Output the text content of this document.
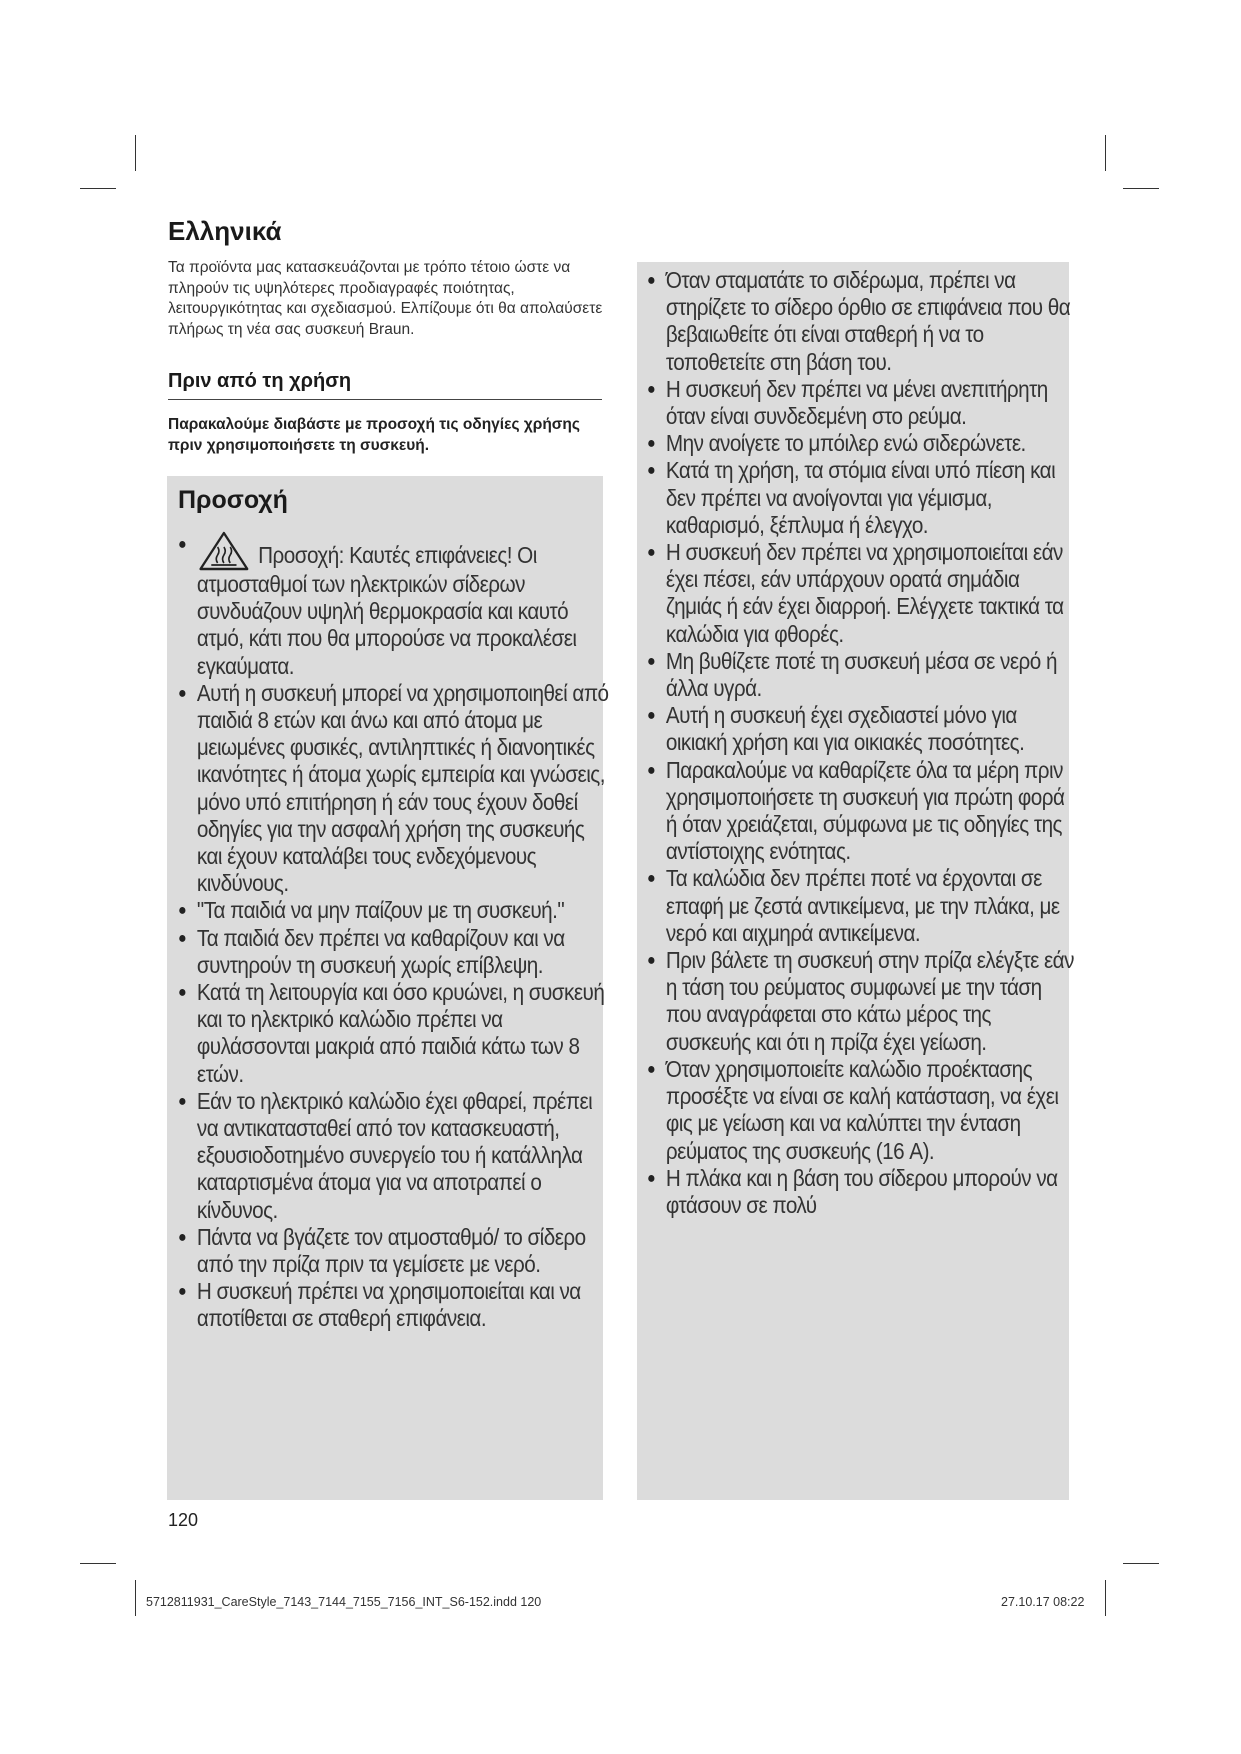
Ελληνικά

Τα προϊόντα μας κατασκευάζονται με τρόπο τέτοιο ώστε να πληρούν τις υψηλότερες προδιαγραφές ποιότητας, λειτουργικότητας και σχεδιασμού. Ελπίζουμε ότι θα απολαύσετε πλήρως τη νέα σας συσκευή Braun.

Πριν από τη χρήση

Παρακαλούμε διαβάστε με προσοχή τις οδηγίες χρήσης πριν χρησιμοποιήσετε τη συσκευή.

Προσοχή
● Προσοχή: Καυτές επιφάνειες! Οι ατμοσταθμοί των ηλεκτρικών σίδερων συνδυάζουν υψηλή θερμοκρασία και καυτό ατμό, κάτι που θα μπορούσε να προκαλέσει εγκαύματα.
● Αυτή η συσκευή μπορεί να χρησιμοποιηθεί από παιδιά 8 ετών και άνω και από άτομα με μειωμένες φυσικές, αντιληπτικές ή διανοητικές ικανότητες ή άτομα χωρίς εμπειρία και γνώσεις, μόνο υπό επιτήρηση ή εάν τους έχουν δοθεί οδηγίες για την ασφαλή χρήση της συσκευής και έχουν καταλάβει τους ενδεχόμενους κινδύνους.
● "Τα παιδιά να μην παίζουν με τη συσκευή."
● Τα παιδιά δεν πρέπει να καθαρίζουν και να συντηρούν τη συσκευή χωρίς επίβλεψη.
● Κατά τη λειτουργία και όσο κρυώνει, η συσκευή και το ηλεκτρικό καλώδιο πρέπει να φυλάσσονται μακριά από παιδιά κάτω των 8 ετών.
● Εάν το ηλεκτρικό καλώδιο έχει φθαρεί, πρέπει να αντικατασταθεί από τον κατασκευαστή, εξουσιοδοτημένο συνεργείο του ή κατάλληλα καταρτισμένα άτομα για να αποτραπεί ο κίνδυνος.
● Πάντα να βγάζετε τον ατμοσταθμό/ το σίδερο από την πρίζα πριν τα γεμίσετε με νερό.
● Η συσκευή πρέπει να χρησιμοποιείται και να αποτίθεται σε σταθερή επιφάνεια.
● Όταν σταματάτε το σιδέρωμα, πρέπει να στηρίζετε το σίδερο όρθιο σε επιφάνεια που θα βεβαιωθείτε ότι είναι σταθερή ή να το τοποθετείτε στη βάση του.
● Η συσκευή δεν πρέπει να μένει ανεπιτήρητη όταν είναι συνδεδεμένη στο ρεύμα.
● Μην ανοίγετε το μπόιλερ ενώ σιδερώνετε.
● Κατά τη χρήση, τα στόμια είναι υπό πίεση και δεν πρέπει να ανοίγονται για γέμισμα, καθαρισμό, ξέπλυμα ή έλεγχο.
● Η συσκευή δεν πρέπει να χρησιμοποιείται εάν έχει πέσει, εάν υπάρχουν ορατά σημάδια ζημιάς ή εάν έχει διαρροή. Ελέγχετε τακτικά τα καλώδια για φθορές.
● Μη βυθίζετε ποτέ τη συσκευή μέσα σε νερό ή άλλα υγρά.
● Αυτή η συσκευή έχει σχεδιαστεί μόνο για οικιακή χρήση και για οικιακές ποσότητες.
● Παρακαλούμε να καθαρίζετε όλα τα μέρη πριν χρησιμοποιήσετε τη συσκευή για πρώτη φορά ή όταν χρειάζεται, σύμφωνα με τις οδηγίες της αντίστοιχης ενότητας.
● Τα καλώδια δεν πρέπει ποτέ να έρχονται σε επαφή με ζεστά αντικείμενα, με την πλάκα, με νερό και αιχμηρά αντικείμενα.
● Πριν βάλετε τη συσκευή στην πρίζα ελέγξτε εάν η τάση του ρεύματος συμφωνεί με την τάση που αναγράφεται στο κάτω μέρος της συσκευής και ότι η πρίζα έχει γείωση.
● Όταν χρησιμοποιείτε καλώδιο προέκτασης προσέξτε να είναι σε καλή κατάσταση, να έχει φις με γείωση και να καλύπτει την ένταση ρεύματος της συσκευής (16 A).
● Η πλάκα και η βάση του σίδερου μπορούν να φτάσουν σε πολύ

120

5712811931_CareStyle_7143_7144_7155_7156_INT_S6-152.indd 120	27.10.17 08:22
